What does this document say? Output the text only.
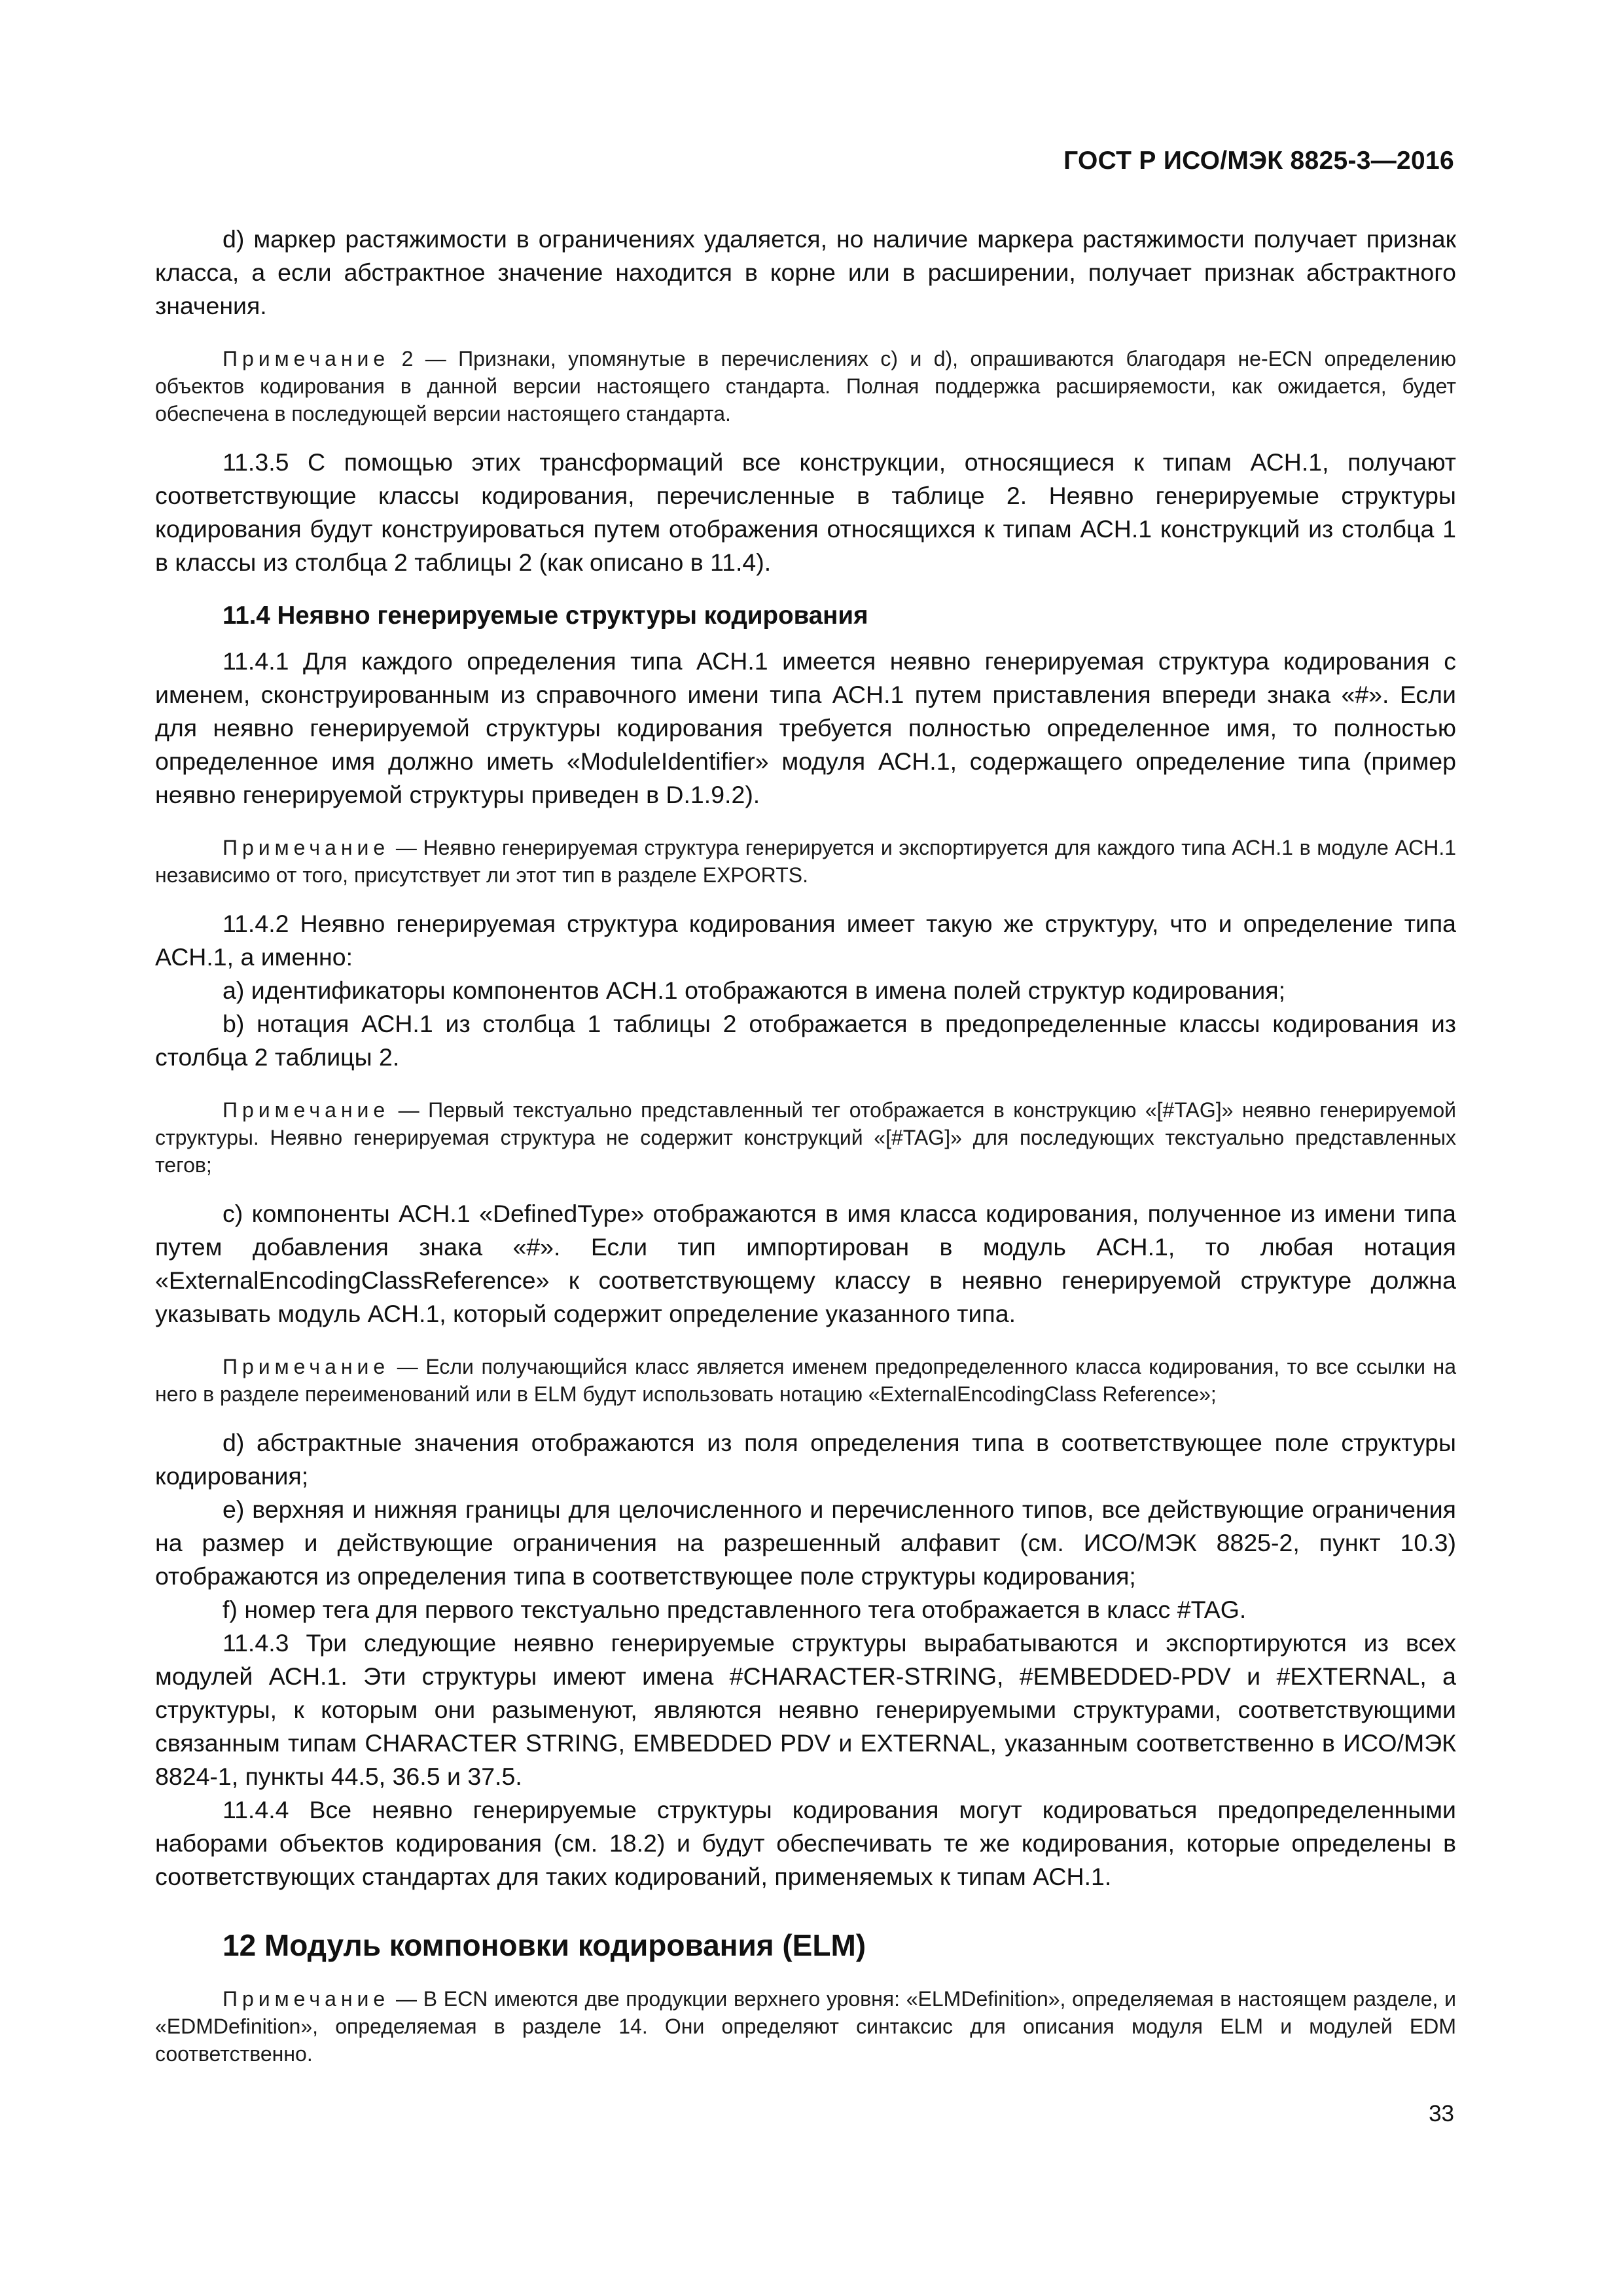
ГОСТ Р ИСО/МЭК 8825-3—2016
d) маркер растяжимости в ограничениях удаляется, но наличие маркера растяжимости получает признак класса, а если абстрактное значение находится в корне или в расширении, получает признак абстрактного значения.
Примечание 2 — Признаки, упомянутые в перечислениях c) и d), опрашиваются благодаря не-ECN определению объектов кодирования в данной версии настоящего стандарта. Полная поддержка расширяемости, как ожидается, будет обеспечена в последующей версии настоящего стандарта.
11.3.5 С помощью этих трансформаций все конструкции, относящиеся к типам АСН.1, получают соответствующие классы кодирования, перечисленные в таблице 2. Неявно генерируемые структуры кодирования будут конструироваться путем отображения относящихся к типам АСН.1 конструкций из столбца 1 в классы из столбца 2 таблицы 2 (как описано в 11.4).
11.4 Неявно генерируемые структуры кодирования
11.4.1 Для каждого определения типа АСН.1 имеется неявно генерируемая структура кодирования с именем, сконструированным из справочного имени типа АСН.1 путем приставления впереди знака «#». Если для неявно генерируемой структуры кодирования требуется полностью определенное имя, то полностью определенное имя должно иметь «ModuleIdentifier» модуля АСН.1, содержащего определение типа (пример неявно генерируемой структуры приведен в D.1.9.2).
Примечание — Неявно генерируемая структура генерируется и экспортируется для каждого типа АСН.1 в модуле АСН.1 независимо от того, присутствует ли этот тип в разделе EXPORTS.
11.4.2 Неявно генерируемая структура кодирования имеет такую же структуру, что и определение типа АСН.1, а именно:
a) идентификаторы компонентов АСН.1 отображаются в имена полей структур кодирования;
b) нотация АСН.1 из столбца 1 таблицы 2 отображается в предопределенные классы кодирования из столбца 2 таблицы 2.
Примечание — Первый текстуально представленный тег отображается в конструкцию «[#TAG]» неявно генерируемой структуры. Неявно генерируемая структура не содержит конструкций «[#TAG]» для последующих текстуально представленных тегов;
c) компоненты АСН.1 «DefinedType» отображаются в имя класса кодирования, полученное из имени типа путем добавления знака «#». Если тип импортирован в модуль АСН.1, то любая нотация «ExternalEncodingClassReference» к соответствующему классу в неявно генерируемой структуре должна указывать модуль АСН.1, который содержит определение указанного типа.
Примечание — Если получающийся класс является именем предопределенного класса кодирования, то все ссылки на него в разделе переименований или в ELM будут использовать нотацию «ExternalEncodingClass Reference»;
d) абстрактные значения отображаются из поля определения типа в соответствующее поле структуры кодирования;
e) верхняя и нижняя границы для целочисленного и перечисленного типов, все действующие ограничения на размер и действующие ограничения на разрешенный алфавит (см. ИСО/МЭК 8825-2, пункт 10.3) отображаются из определения типа в соответствующее поле структуры кодирования;
f) номер тега для первого текстуально представленного тега отображается в класс #TAG.
11.4.3 Три следующие неявно генерируемые структуры вырабатываются и экспортируются из всех модулей АСН.1. Эти структуры имеют имена #CHARACTER-STRING, #EMBEDDED-PDV и #EXTERNAL, а структуры, к которым они разыменуют, являются неявно генерируемыми структурами, соответствующими связанным типам CHARACTER STRING, EMBEDDED PDV и EXTERNAL, указанным соответственно в ИСО/МЭК 8824-1, пункты 44.5, 36.5 и 37.5.
11.4.4 Все неявно генерируемые структуры кодирования могут кодироваться предопределенными наборами объектов кодирования (см. 18.2) и будут обеспечивать те же кодирования, которые определены в соответствующих стандартах для таких кодирований, применяемых к типам АСН.1.
12 Модуль компоновки кодирования (ELM)
Примечание — В ECN имеются две продукции верхнего уровня: «ELMDefinition», определяемая в настоящем разделе, и «EDMDefinition», определяемая в разделе 14. Они определяют синтаксис для описания модуля ELM и модулей EDM соответственно.
33
